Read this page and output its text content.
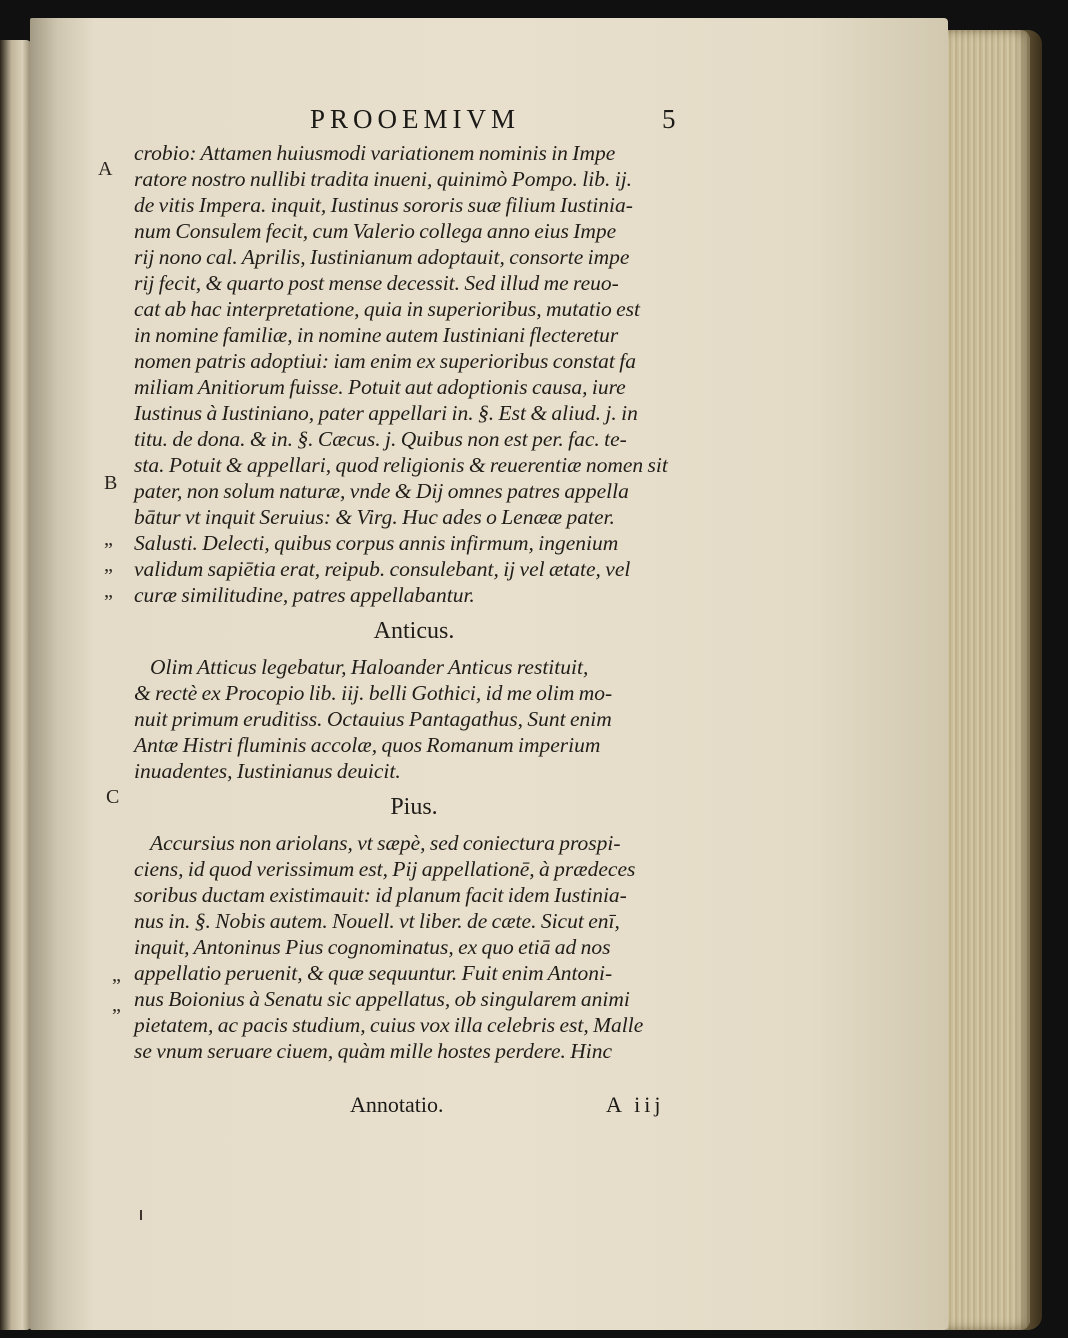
PROOEMIVM	5
A
B
„
„
„
C
„
„
crobio: Attamen huiusmodi variationem nominis in Impe
ratore nostro nullibi tradita inueni, quinimò Pompo. lib. ij.
de vitis Impera. inquit, Iustinus sororis suæ filium Iustinia-
num Consulem fecit, cum Valerio collega anno eius Impe
rij nono cal. Aprilis, Iustinianum adoptauit, consorte impe
rij fecit, & quarto post mense decessit. Sed illud me reuo-
cat ab hac interpretatione, quia in superioribus, mutatio est
in nomine familiæ, in nomine autem Iustiniani flecteretur
nomen patris adoptiui: iam enim ex superioribus constat fa
miliam Anitiorum fuisse. Potuit aut adoptionis causa, iure
Iustinus à Iustiniano, pater appellari in. §. Est & aliud. j. in
titu. de dona. & in. §. Cæcus. j. Quibus non est per. fac. te-
sta. Potuit & appellari, quod religionis & reuerentiæ nomen sit
pater, non solum naturæ, vnde & Dij omnes patres appella
bātur vt inquit Seruius: & Virg. Huc ades o Lenææ pater.
Salusti. Delecti, quibus corpus annis infirmum, ingenium
validum sapiētia erat, reipub. consulebant, ij vel ætate, vel
curæ similitudine, patres appellabantur.
Anticus.
Olim Atticus legebatur, Haloander Anticus restituit,
& rectè ex Procopio lib. iij. belli Gothici, id me olim mo-
nuit primum eruditiss. Octauius Pantagathus, Sunt enim
Antæ Histri fluminis accolæ, quos Romanum imperium
inuadentes, Iustinianus deuicit.
Pius.
Accursius non ariolans, vt sæpè, sed coniectura prospi-
ciens, id quod verissimum est, Pij appellationē, à prædeces
soribus ductam existimauit: id planum facit idem Iustinia-
nus in. §. Nobis autem. Nouell. vt liber. de cæte. Sicut enī,
inquit, Antoninus Pius cognominatus, ex quo etiā ad nos
appellatio peruenit, & quæ sequuntur. Fuit enim Antoni-
nus Boionius à Senatu sic appellatus, ob singularem animi
pietatem, ac pacis studium, cuius vox illa celebris est, Malle
se vnum seruare ciuem, quàm mille hostes perdere. Hinc
Annotatio.	A iij
